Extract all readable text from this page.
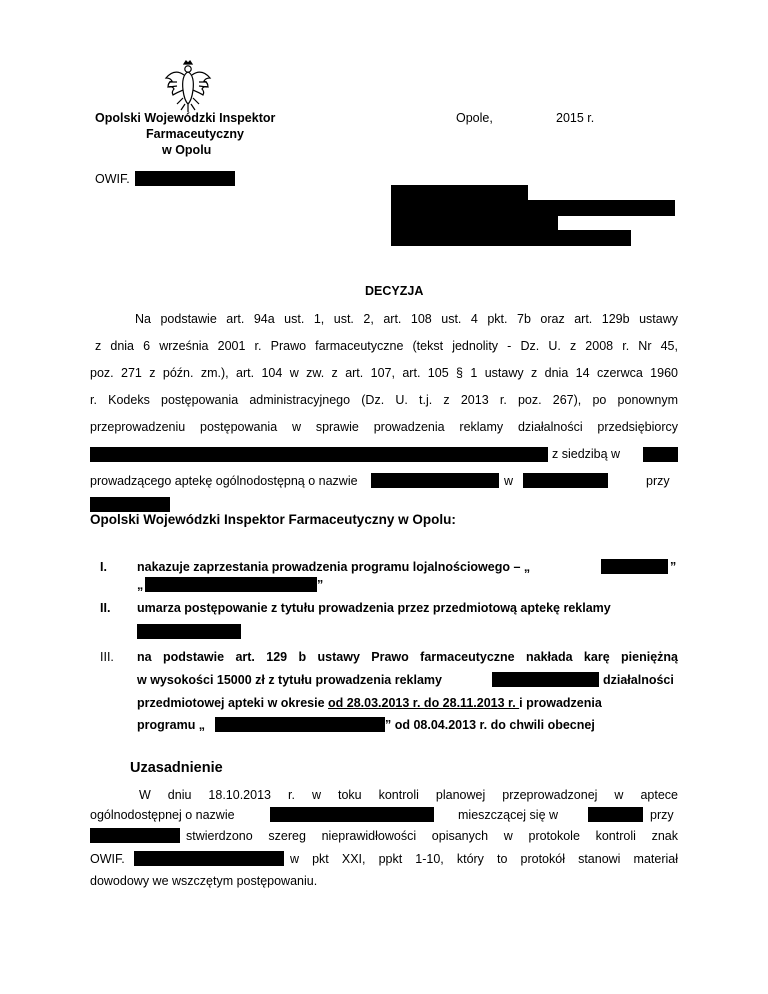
Opolski Wojewódzki Inspektor
Farmaceutyczny
w Opolu
Opole,	2015 r.
OWIF.
DECYZJA
Na podstawie art. 94a ust. 1, ust. 2, art. 108 ust. 4 pkt. 7b oraz art. 129b ustawy
z dnia 6 września 2001 r. Prawo farmaceutyczne (tekst jednolity - Dz. U. z 2008 r. Nr 45,
poz. 271 z późn. zm.), art. 104 w zw. z art. 107, art. 105 § 1 ustawy z dnia 14 czerwca 1960
r. Kodeks postępowania administracyjnego (Dz. U. t.j. z 2013 r. poz. 267), po ponownym
przeprowadzeniu postępowania w sprawie prowadzenia reklamy działalności przedsiębiorcy
z siedzibą w
prowadzącego aptekę ogólnodostępną o nazwie	w	przy
Opolski Wojewódzki Inspektor Farmaceutyczny w Opolu:
I. nakazuje zaprzestania prowadzenia programu lojalnościowego – „	”
„	”
II. umarza postępowanie z tytułu prowadzenia przez przedmiotową aptekę reklamy
III. na podstawie art. 129 b ustawy Prawo farmaceutyczne nakłada karę pieniężną
w wysokości 15000 zł z tytułu prowadzenia reklamy	działalności
przedmiotowej apteki w okresie od 28.03.2013 r. do 28.11.2013 r. i prowadzenia
programu „	” od 08.04.2013 r. do chwili obecnej
Uzasadnienie
W dniu 18.10.2013 r. w toku kontroli planowej przeprowadzonej w aptece
ogólnodostępnej o nazwie	mieszczącej się w	przy
stwierdzono szereg nieprawidłowości opisanych w protokole kontroli znak
OWIF.	w pkt XXI, ppkt 1-10, który to protokół stanowi materiał
dowodowy we wszczętym postępowaniu.
